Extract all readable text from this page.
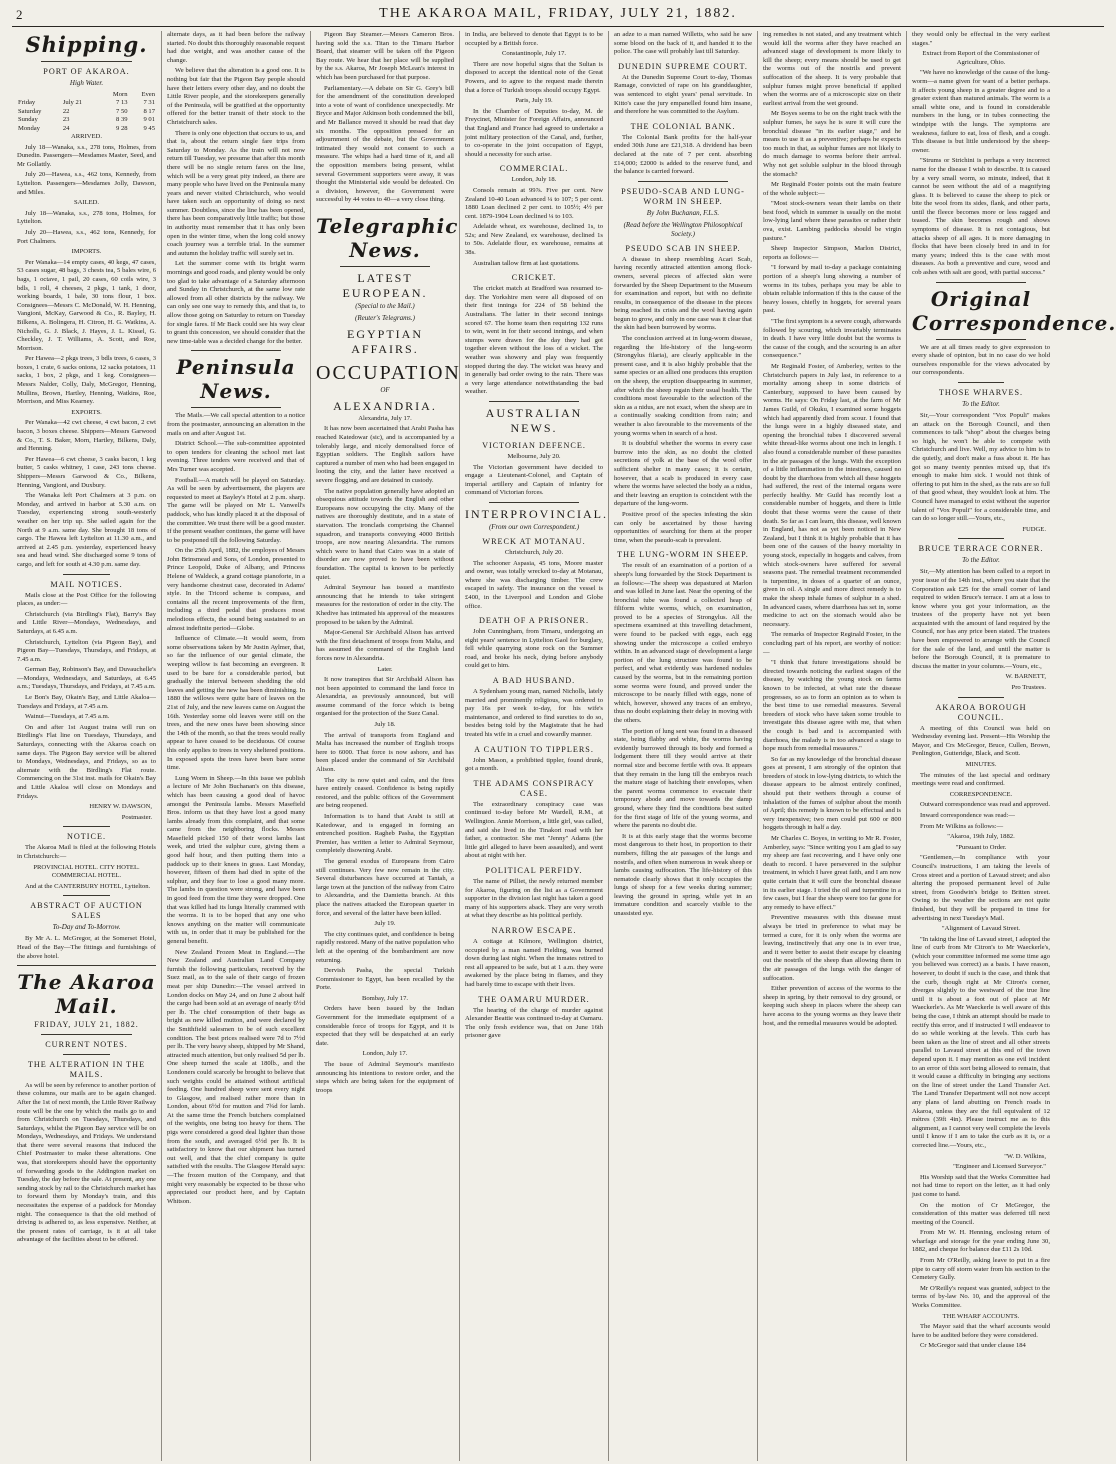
2	THE AKAROA MAIL, FRIDAY, JULY 21, 1882.
Shipping.
PORT OF AKAROA.
High Water.
		Morn	Even
Friday	July 21	7 13	7 31
Saturday	22	7 50	8 17
Sunday	23	8 39	9 01
Monday	24	9 28	9 45

ARRIVED.

July 18—Wanaka, s.s., 278 tons, Holmes, from Dunedin. Passengers—Mesdames Master, Seed, and Mr Gollattly.

July 20—Hawea, s.s., 462 tons, Kennedy, from Lyttelton. Passengers—Mesdames Jolly, Dawson, and Miles.

SAILED.

July 18—Wanaka, s.s., 278 tons, Holmes, for Lyttelton.

July 20—Hawea, s.s., 462 tons, Kennedy, for Port Chalmers.

IMPORTS.

Per Wanaka—14 empty cases, 40 kegs, 47 cases, 53 cases sugar, 48 bags, 3 chests tea, 5 bales wire, 6 bags, 1 octave, 1 pail, 20 cases, 60 coils wire, 3 bdls, 1 roll, 4 cheeses, 2 pkgs, 1 tank, 1 door, working boards, 1 bale, 30 tons flour, 1 box. Consignees—Messrs C. McDonald, W. H. Henning, Vangioni, McKay, Garwood & Co., R. Bayley, H. Bilkens, A. Bolingera, H. Citron, H. G. Watkins, A. Nicholls, G. J. Black, J. Hayes, J. L. Kissel, G. Checkley, J. T. Williams, A. Scott, and Roe, Morrison.

Per Hawea—2 pkgs trees, 3 bdls trees, 6 cases, 3 boxes, 1 crate, 6 sacks onions, 12 sacks potatoes, 11 sacks, 1 box, 2 pkgs, and 1 keg. Consignees—Messrs Nalder, Colly, Daly, McGregor, Henning, Mullins, Brown, Hartley, Henning, Watkins, Roe, Morrison, and Miss Kearney.

EXPORTS.

Per Wanaka—42 cwt cheese, 4 cwt bacon, 2 cwt bacon, 3 boxes cheese. Shippers—Messrs Garwood & Co., T. S. Baker, Morn, Hartley, Bilkens, Daly, and Henning.

Per Hawea—6 cwt cheese, 3 casks bacon, 1 keg butter, 5 casks whitney, 1 case, 243 tons cheese. Shippers—Messrs Garwood & Co., Bilkens, Henning, Vangioni, and Duxbury.

The Wanaka left Port Chalmers at 3 p.m. on Monday, and arrived in harbor at 5.30 a.m. on Tuesday, experiencing strong south-westerly weather on her trip up. She sailed again for the North at 9 a.m. same day. She brought 18 tons of cargo. The Hawea left Lyttelton at 11.30 a.m., and arrived at 2.45 p.m. yesterday, experienced heavy sea and head wind. She discharged some 9 tons of cargo, and left for south at 4.30 p.m. same day.

MAIL NOTICES.

Mails close at the Post Office for the following places, as under:—

Christchurch (via Birdling's Flat), Barry's Bay and Little River—Mondays, Wednesdays, and Saturdays, at 6.45 a.m.

Christchurch, Lyttelton (via Pigeon Bay), and Pigeon Bay—Tuesdays, Thursdays, and Fridays, at 7.45 a.m.

German Bay, Robinson's Bay, and Duvauchelle's—Mondays, Wednesdays, and Saturdays, at 6.45 a.m.; Tuesdays, Thursdays, and Fridays, at 7.45 a.m.

Le Bon's Bay, Okain's Bay, and Little Akaloa—Tuesdays and Fridays, at 7.45 a.m.

Wainui—Tuesdays, at 7.45 a.m.

On and after 1st August trains will run on Birdling's Flat line on Tuesdays, Thursdays, and Saturdays, connecting with the Akaroa coach on same days. The Pigeon Bay service will be altered to Mondays, Wednesdays, and Fridays, so as to alternate with the Birdling's Flat route. Commencing on the 31st inst. mails for Okain's Bay and Little Akaloa will close on Mondays and Fridays.

HENRY W. DAWSON,
Postmaster.
NOTICE.

The Akaroa Mail is filed at the following Hotels in Christchurch:—

PROVINCIAL HOTEL. CITY HOTEL. COMMERCIAL HOTEL.

And at the CANTERBURY HOTEL, Lyttelton.

ABSTRACT OF AUCTION SALES
To-Day and To-Morrow.

By Mr A. L. McGregor, at the Somerset Hotel, Head of the Bay—The fittings and furnishings of the above hotel.

The Akaroa Mail.
FRIDAY, JULY 21, 1882.
CURRENT NOTES.
THE ALTERATION IN THE MAILS.

As will be seen by reference to another portion of these columns, our mails are to be again changed. After the 1st of next month, the Little River Railway route will be the one by which the mails go to and from Christchurch on Tuesdays, Thursdays, and Saturdays, whilst the Pigeon Bay service will be on Mondays, Wednesdays, and Fridays. We understand that there were several reasons that induced the Chief Postmaster to make these alterations. One was, that storekeepers should have the opportunity of forwarding goods to the Addington market on Tuesday, the day before the sale. At present, any one sending stock by rail to the Christchurch market has to forward them by Monday's train, and this necessitates the expense of a paddock for Monday night. The consequence is that the old method of driving is adhered to, as less expensive. Neither, at the present rates of carriage, is it at all take advantage of the facilities about to be offered.

alternate days, as it had been before the railway started. No doubt this thoroughly reasonable request had due weight, and was another cause of the change.

We believe that the alteration is a good one. It is nothing but fair that the Pigeon Bay people should have their letters every other day, and no doubt the Little River people, and the storekeepers generally of the Peninsula, will be gratified at the opportunity offered for the better transit of their stock to the Christchurch sales.

There is only one objection that occurs to us, and that is, about the return single fare trips from Saturday to Monday. As the train will not now return till Tuesday, we presume that after this month there will be no single return fares on the line, which will be a very great pity indeed, as there are many people who have lived on the Peninsula many years and never visited Christchurch, who would have taken such an opportunity of doing so next summer. Doubtless, since the line has been opened, there has been comparatively little traffic; but those in authority must remember that it has only been open in the winter time, when the long cold snowy coach journey was a terrible trial. In the summer and autumn the holiday traffic will surely set in.

Let the summer come with its bright warm mornings and good roads, and plenty would be only too glad to take advantage of a Saturday afternoon and Sunday in Christchurch, at the same low rate allowed from all other districts by the railway. We can only see one way to remedy this, and that is, to allow those going on Saturday to return on Tuesday for single fares. If Mr Back could see his way clear to grant this concession, we should consider that the new time-table was a decided change for the better.

Peninsula News.

The Mails.—We call special attention to a notice from the postmaster, announcing an alteration in the mails on and after August 1st.

District School.—The sub-committee appointed to open tenders for cleaning the school met last evening. Three tenders were received and that of Mrs Turner was accepted.

Football.—A match will be played on Saturday. As will be seen by advertisement, the players are requested to meet at Bayley's Hotel at 2 p.m. sharp. The game will be played on Mr L. Vanwell's paddock, who has kindly placed it at the disposal of the committee. We trust there will be a good muster. If the present weather continues, the game will have to be postponed till the following Saturday.

On the 25th April, 1882, the employes of Messrs John Brinsmead and Sons, of London, presented to Prince Leopold, Duke of Albany, and Princess Helene of Waldeck, a grand cottage pianoforte, in a very handsome chestnut case, decorated in Adams' style. In the Tricord scheme is compass, and contains all the recent improvements of the firm, including a third pedal that produces most melodious effects, the sound being sustained to an almost indefinite period—Globe.

Influence of Climate.—It would seem, from some observations taken by Mr Justin Aylmer, that, so far the influence of our genial climate, the weeping willow is fast becoming an evergreen. It used to be bare for a considerable period, but gradually the interval between shedding the old leaves and getting the new has been diminishing. In 1880 the willows were quite bare of leaves on the 21st of July, and the new leaves came on August the 16th. Yesterday some old leaves were still on the trees, and the new ones have been showing since the 14th of the month, so that the trees would really appear to have ceased to be deciduous. Of course this only applies to trees in very sheltered positions. In exposed spots the trees have been bare some time.

Lung Worm in Sheep.—In this issue we publish a lecture of Mr John Buchanan's on this disease, which has been causing a good deal of havoc amongst the Peninsula lambs. Messrs Masefield Bros. inform us that they have lost a good many lambs already from this complaint, and that some came from the neighboring flocks. Messrs Masefield picked 150 of their worst lambs last week, and tried the sulphur cure, giving them a good half hour, and then putting them into a paddock up to their knees in grass. Last Monday, however, fifteen of them had died in spite of the sulphur, and they fear to lose a good many more. The lambs in question were strong, and have been in good feed from the time they were dropped. One that was killed had its lungs literally crammed with the worms. It is to be hoped that any one who knows anything on the matter will communicate with us, in order that it may be published for the general benefit.

New Zealand Frozen Meat in England.—The New Zealand and Australian Land Company furnish the following particulars, received by the Suez mail, as to the sale of their cargo of frozen meat per ship Dunedin:—The vessel arrived in London docks on May 24, and on June 2 about half the cargo had been sold at an average of nearly 6½d per lb. The chief consumption of their bags as bright as new killed mutton, and were declared by the Smithfield salesmen to be of such excellent condition. The best prices realised were 7d to 7½d per lb. The very heavy sheep, shipped by Mr Shand, attracted much attention, but only realised 5d per lb. One sheep turned the scale at 180lb., and the Londoners could scarcely be brought to believe that such weights could be attained without artificial feeding. One hundred sheep were sent every night to Glasgow, and realised rather more than in London, about 6½d for mutton and 7¾d for lamb. At the same time the French butchers complained of the weights, one being too heavy for them. The pigs were considered a good deal lighter than those from the south, and averaged 6½d per lb. It is satisfactory to know that our shipment has turned out well, and that the chief company is quite satisfied with the results. The Glasgow Herald says:—The frozen mutton of the Company, and that might very reasonably be expected to be those who appreciated our product here, and by Captain Whitson.

Pigeon Bay Steamer.—Messrs Cameron Bros. having sold the s.s. Titan to the Timaru Harbor Board, that steamer will be taken off the Pigeon Bay route. We hear that her place will be supplied by the s.s. Akaroa, Mr Joseph McLean's interest in which has been purchased for that purpose.

Parliamentary.—A debate on Sir G. Grey's bill for the amendment of the constitution developed into a vote of want of confidence unexpectedly. Mr Bryce and Major Atkinson both condemned the bill, and Mr Ballance moved it should be read that day six months. The opposition pressed for an adjournment of the debate, but the Government intimated they would not consent to such a measure. The whips had a hard time of it, and all the opposition members being present, whilst several Government supporters were away, it was thought the Ministerial side would be defeated. On a division, however, the Government were successful by 44 votes to 40—a very close thing.

Telegraphic News.
LATEST EUROPEAN.
(Special to the Mail.)
(Reuter's Telegrams.)
EGYPTIAN AFFAIRS.
OCCUPATION
OF
ALEXANDRIA.

Alexandria, July 17.

It has now been ascertained that Arabi Pasha has reached Katedowar (sic), and is accompanied by a tolerably large, and nicely demoralised force of Egyptian soldiers. The English sailors have captured a number of men who had been engaged in looting the city, and the latter have received a severe flogging, and are detained in custody.

The native population generally have adopted an obsequious attitude towards the English and other Europeans now occupying the city. Many of the natives are thoroughly destitute, and in a state of starvation. The ironclads comprising the Channel squadron, and transports conveying 4000 British troops, are now nearing Alexandria. The rumors which were to hand that Cairo was in a state of disorder are now proved to have been without foundation. The capital is known to be perfectly quiet.

Admiral Seymour has issued a manifesto announcing that he intends to take stringent measures for the restoration of order in the city. The Khedive has intimated his approval of the measures proposed to be taken by the Admiral.

Major-General Sir Archibald Alison has arrived with the first detachment of troops from Malta, and has assumed the command of the English land forces now in Alexandria.

Later.

It now transpires that Sir Archibald Alison has not been appointed to command the land force in Alexandria, as previously announced, but will assume command of the force which is being organised for the protection of the Suez Canal.

July 18.

The arrival of transports from England and Malta has increased the number of English troops here to 6000. That force is now ashore, and has been placed under the command of Sir Archibald Alison.

The city is now quiet and calm, and the fires have entirely ceased. Confidence is being rapidly restored, and the public offices of the Government are being reopened.

Information is to hand that Arabi is still at Katedowar, and is engaged in forming an entrenched position. Ragheb Pasha, the Egyptian Premier, has written a letter to Admiral Seymour, completely disowning Arabi.

The general exodus of Europeans from Cairo still continues. Very few now remain in the city. Several disturbances have occurred at Tantah, a large town at the junction of the railway from Cairo to Alexandria, and the Damietta branch. At this place the natives attacked the European quarter in force, and several of the latter have been killed.

July 19.

The city continues quiet, and confidence is being rapidly restored. Many of the native population who left at the opening of the bombardment are now returning.

Dervish Pasha, the special Turkish Commissioner to Egypt, has been recalled by the Porte.

Bombay, July 17.

Orders have been issued by the Indian Government for the immediate equipment of a considerable force of troops for Egypt, and it is expected that they will be despatched at an early date.

London, July 17.

The issue of Admiral Seymour's manifesto announcing his intentions to restore order, and the steps which are being taken for the equipment of troops

in India, are believed to denote that Egypt is to be occupied by a British force.

Constantinople, July 17.

There are now hopeful signs that the Sultan is disposed to accept the identical note of the Great Powers, and to agree to the request made therein that a force of Turkish troops should occupy Egypt.

Paris, July 19.

In the Chamber of Deputies to-day, M. de Freycinet, Minister for Foreign Affairs, announced that England and France had agreed to undertake a joint military protection of the Canal, and, further, to co-operate in the joint occupation of Egypt, should a necessity for such arise.

COMMERCIAL.

London, July 18.

Consols remain at 99⅞. Five per cent. New Zealand 10-40 Loan advanced ¼ to 107; 5 per cent. 1880 Loan declined 2 per cent. to 105½; 4½ per cent. 1879-1904 Loan declined ¼ to 103.

Adelaide wheat, ex warehouse, declined 1s, to 52s; and New Zealand, ex warehouse, declined 1s to 50s. Adelaide flour, ex warehouse, remains at 38s.

Australian tallow firm at last quotations.

CRICKET.

The cricket match at Bradford was resumed to-day. The Yorkshire men were all disposed of on their first innings for 224 of 58 behind the Australians. The latter in their second innings scored 67. The home team then requiring 132 runs to win, went in for their second innings, and when stumps were drawn for the day they had got together eleven without the loss of a wicket. The weather was showery and play was frequently stopped during the day. The wicket was heavy and in generally bad order owing to the rain. There was a very large attendance notwithstanding the bad weather.

AUSTRALIAN NEWS.
VICTORIAN DEFENCE.

Melbourne, July 20.

The Victorian government have decided to engage a Lieutenant-Colonel, and Captain of imperial artillery and Captain of infantry for command of Victorian forces.

INTERPROVINCIAL.
(From our own Correspondent.)
WRECK AT MOTANAU.

Christchurch, July 20.

The schooner Aspasia, 45 tons, Moore master and owner, was totally wrecked to-day at Motanau, where she was discharging timber. The crew escaped in safety. The insurance on the vessel is £400, in the Liverpool and London and Globe office.

DEATH OF A PRISONER.

John Cunningham, from Timaru, undergoing an eight years' sentence in Lyttelton Gaol for burglary, fell while quarrying stone rock on the Summer road, and broke his neck, dying before anybody could get to him.

A BAD HUSBAND.

A Sydenham young man, named Nicholls, lately married and prominently religious, was ordered to pay 16s per week to-day, for his wife's maintenance, and ordered to find sureties to do so, besides being told by the Magistrate that he had treated his wife in a cruel and cowardly manner.

A CAUTION TO TIPPLERS.

John Mason, a prohibited tippler, found drunk, got a month.

THE ADAMS CONSPIRACY CASE.

The extraordinary conspiracy case was continued to-day before Mr Wardell, R.M., at Wellington. Annie Morrison, a little girl, was called, and said she lived in the Tinakori road with her father, a contractor. She met "Jenny" Adams (the little girl alleged to have been assaulted), and went about at night with her.

POLITICAL PERFIDY.

The name of Pilliet, the newly returned member for Akaroa, figuring on the list as a Government supporter in the division last night has taken a good many of his supporters aback. They are very wroth at what they describe as his political perfidy.

NARROW ESCAPE.

A cottage at Kilmore, Wellington district, occupied by a man named Fielding, was burned down during last night. When the inmates retired to rest all appeared to be safe, but at 1 a.m. they were awakened by the place being in flames, and they had barely time to escape with their lives.

THE OAMARU MURDER.

The hearing of the charge of murder against Alexander Beattie was continued to-day at Oamaru. The only fresh evidence was, that on June 16th prisoner gave

an adze to a man named Willetts, who said he saw some blood on the back of it, and handed it to the police. The case will probably last till Saturday.

DUNEDIN SUPREME COURT.

At the Dunedin Supreme Court to-day, Thomas Ramage, convicted of rape on his granddaughter, was sentenced to eight years' penal servitude. In Kitto's case the jury empanelled found him insane, and therefore he was committed to the Asylum.

THE COLONIAL BANK.

The Colonial Bank profits for the half-year ended 30th June are £21,318. A dividend has been declared at the rate of 7 per cent. absorbing £14,000; £2000 is added to the reserve fund, and the balance is carried forward.

PSEUDO-SCAB AND LUNG-WORM IN SHEEP.
By John Buchanan, F.L.S.
(Read before the Wellington Philosophical Society.)
PSEUDO SCAB IN SHEEP.

A disease in sheep resembling Acari Scab, having recently attracted attention among flock-owners, several pieces of affected skin were forwarded by the Sheep Department to the Museum for examination and report, but with no definite results, in consequence of the disease in the pieces being reached its crisis and the wool having again begun to grow, and only in one case was it clear that the skin had been burrowed by worms.

The conclusion arrived at in lung-worm disease, regarding the life-history of the lung-worm (Strongylus filaria), are clearly applicable in the present case, and it is also highly probable that the same species or an allied one produces this eruption on the sheep, the eruption disappearing in summer, after which the sheep regain their usual health. The conditions most favourable to the selection of the skin as a nidus, are not exact, when the sheep are in a continually soaking condition from rain; and weather is also favourable to the movements of the young worms when in search of a host.

It is doubtful whether the worms in every case burrow into the skin, as no doubt the clotted secretions of yolk at the base of the wool offer sufficient shelter in many cases; it is certain, however, that a scab is produced in every case where the worms have selected the body as a nidus, and their leaving an eruption is coincident with the departure of the lung-worm.

Positive proof of the species infesting the skin can only be ascertained by those having opportunities of searching for them at the proper time, when the pseudo-scab is prevalent.

THE LUNG-WORM IN SHEEP.

The result of an examination of a portion of a sheep's lung forwarded by the Stock Department is as follows:—The sheep was depastured at Marlon and was killed in June last. Near the opening of the bronchial tube was found a collected heap of filiform white worms, which, on examination, proved to be a species of Strongylus. All the specimens examined at this travelling detachment, were found to be packed with eggs, each egg showing under the microscope a coiled embryo within. In an advanced stage of development a large portion of the lung structure was found to be perfect, and what evidently was hardened nodules caused by the worms, but in the remaining portion some worms were found, and proved under the microscope to be nearly filled with eggs, none of which, however, showed any traces of an embryo, thus no doubt explaining their delay in moving with the others.

The portion of lung sent was found in a diseased state, being flabby and white, the worms having evidently burrowed through its body and formed a lodgement there till they would arrive at their normal size and become fertile with ova. It appears that they remain in the lung till the embryos reach the mature stage of hatching their envelopes, when the parent worms commence to evacuate their temporary abode and move towards the damp ground, where they find the conditions best suited for the first stage of life of the young worms, and where the parents no doubt die.

It is at this early stage that the worms become most dangerous to their host, in proportion to their numbers, filling the air passages of the lungs and nostrils, and often when numerous in weak sheep or lambs causing suffocation. The life-history of this nematode clearly shows that it only occupies the lungs of sheep for a few weeks during summer; leaving the ground in spring, while yet in an immature condition and scarcely visible to the unassisted eye.

ing remedies is not stated, and any treatment which would kill the worms after they have reached an advanced stage of development is more likely to kill the sheep; every means should be used to get the worms out of the nostrils and prevent suffocation of the sheep. It is very probable that sulphur fumes might prove beneficial if applied when the worms are of a microscopic size on their earliest arrival from the wet ground.

Mr Boyes seems to be on the right track with the sulphur fumes, he says he is sure it will cure the bronchial disease "in its earlier stage," and he means to use it as a preventive; perhaps he expects too much in that, as sulphur fumes are not likely to do much damage to worms before their arrival. Why not get soluble sulphur in the blood through the stomach?

Mr Reginald Foster points out the main feature of the whole subject:—

"Most stock-owners wean their lambs on their best food, which in summer is usually on the moist low-lying land where these parasites or rather their ova, exist. Lambing paddocks should be virgin pasture."

Sheep Inspector Simpson, Marlon District, reports as follows:—

"I forward by mail to-day a package containing portion of a sheep's lung showing a number of worms in its tubes, perhaps you may be able to obtain reliable information if this is the cause of the heavy losses, chiefly in hoggets, for several years past.

"The first symptom is a severe cough, afterwards followed by scouring, which invariably terminates in death. I have very little doubt but the worms is the cause of the cough, and the scouring is an after consequence."

Mr Reginald Foster, of Amberley, writes to the Christchurch papers in July last, in reference to a mortality among sheep in some districts of Canterbury, supposed to have been caused by worms. He says: On Friday last, at the farm of Mr James Guild, of Okuku, I examined some hoggets which had apparently died from scour. I found that the lungs were in a highly diseased state, and opening the bronchial tubes I discovered several white thread-like worms about one inch in length. I also found a considerable number of these parasites in the air passages of the lungs. With the exception of a little inflammation in the intestines, caused no doubt by the diarrhoea from which all these hoggets had suffered, the rest of the internal organs were perfectly healthy. Mr Guild has recently lost a considerable number of hoggets, and there is little doubt that these worms were the cause of their death. So far as I can learn, this disease, well known in England, has not as yet been noticed in New Zealand, but I think it is highly probable that it has been one of the causes of the heavy mortality in young stock, especially in hoggets and calves, from which stock-owners have suffered for several seasons past. The remedial treatment recommended is turpentine, in doses of a quarter of an ounce, given in oil. A single and more direct remedy is to make the sheep inhale fumes of sulphur in a shed. In advanced cases, where diarrhoea has set in, some medicine to act on the stomach would also be necessary.

The remarks of Inspector Reginald Foster, in the concluding part of his report, are worthy of notice:—

"I think that future investigations should be directed towards noticing the earliest stages of the disease, by watching the young stock on farms known to be infected, at what rate the disease progresses, so as to form an opinion as to when is the best time to use remedial measures. Several breeders of stock who have taken some trouble to investigate this disease agree with me, that when the cough is bad and is accompanied with diarrhoea, the malady is in too advanced a stage to hope much from remedial measures."

So far as my knowledge of the bronchial disease goes at present, I am strongly of the opinion that breeders of stock in low-lying districts, to which the disease appears to be almost entirely confined, should put their wethers through a course of inhalation of the fumes of sulphur about the month of April; this remedy is known to be effectual and is very inexpensive; two men could put 600 or 800 hoggets through in half a day.

Mr Charles C. Boyes, in writing to Mr R. Foster, Amberley, says: "Since writing you I am glad to say my sheep are fast recovering, and I have only one death to record. I have persevered in the sulphur treatment, in which I have great faith, and I am now quite certain that it will cure the bronchial disease in its earlier stage. I tried the oil and turpentine in a few cases, but I fear the sheep were too far gone for any remedy to have effect."

Preventive measures with this disease must always be tried in preference to what may be termed a cure, for it is only when the worms are leaving, instinctively that any one is in ever true, and it were better to assist their escape by cleaning out the nostrils of the sheep than allowing them in the air passages of the lungs with the danger of suffocation.

Either prevention of access of the worms to the sheep in spring, by their removal to dry ground, or keeping such sheep in places where the sheep can have access to the young worms as they leave their host, and the remedial measures would be adopted.

they would only be effectual in the very earliest stages."

Extract from Report of the Commissioner of Agriculture, Ohio.

"We have no knowledge of the cause of the lung-worm—a name given for want of a better perhaps. It affects young sheep in a greater degree and to a greater extent than matured animals. The worm is a small white one, and is found in considerable numbers in the lung, or in tubes connecting the windpipe with the lungs. The symptoms are weakness, failure to eat, loss of flesh, and a cough. This disease is but little understood by the sheep-owner.

"Strums or Strichini is perhaps a very incorrect name for the disease I wish to describe. It is caused by a very small worm, so minute, indeed, that it cannot be seen without the aid of a magnifying glass. It is believed to cause the sheep to pick or bite the wool from its sides, flank, and other parts, until the fleece becomes more or less ragged and teased. The skin becomes rough and shows symptoms of disease. It is not contagious, but attacks sheep of all ages. It is more damaging in flocks that have been closely bred in and in for many years; indeed this is the case with most diseases. As both a preventive and cure, wood and cob ashes with salt are good, with partial success."

Original Correspondence.

We are at all times ready to give expression to every shade of opinion, but in no case do we hold ourselves responsible for the views advocated by our correspondents.

THOSE WHARVES.
To the Editor.

Sir,—Your correspondent "Vox Populi" makes an attack on the Borough Council, and then commences to talk "shop" about the charges being so high, he won't be able to compete with Christchurch and live. Well, my advice to him is to die quietly, and don't make a fuss about it. He has got so many twenty pennies mixed up, that it's enough to make him sick. I would not think of offering to put him in the shed, as the rats are so full of that good wheat, they wouldn't look at him. The Council have managed to exist without the superior talent of "Vox Populi" for a considerable time, and can do so longer still.—Yours, etc.,

FUDGE.
BRUCE TERRACE CORNER.
To the Editor.

Sir,—My attention has been called to a report in your issue of the 14th inst., where you state that the Corporation ask £25 for the small corner of land required to widen Bruce's terrace. I am at a loss to know where you got your information, as the trustees of the property have not yet been acquainted with the amount of land required by the Council, nor has any price been stated. The trustees have been empowered to arrange with the Council for the sale of the land, and until the matter is before the Borough Council, it is premature to discuss the matter in your columns.—Yours, etc.,

W. BARNETT,
Pro Trustees.
AKAROA BOROUGH COUNCIL.

A meeting of this Council was held on Wednesday evening last. Present—His Worship the Mayor, and Crs McGregor, Bruce, Cullen, Brown, Penlington, Gutteridge, Black, and Scott.

MINUTES.

The minutes of the last special and ordinary meetings were read and confirmed.

CORRESPONDENCE.

Outward correspondence was read and approved.

Inward correspondence was read:—

From Mr Wilkins as follows:—

"Akaroa, 19th July, 1882.

"Pursuant to Order.

"Gentlemen,—In compliance with your Council's instructions, I am taking the levels of Cross street and a portion of Lavaud street; and also altering the proposed permanent level of Julie street, from Goodwin's bridge to Britten street. Owing to the weather the sections are not quite finished, but they will be prepared in time for advertising in next Tuesday's Mail.

"Alignment of Lavaud Street.

"In taking the line of Lavaud street, I adopted the line of curb from Mr Citron's to Mr Waeckerle's, (which your committee informed me some time ago you believed was correct) as a basis. I have reason, however, to doubt if such is the case, and think that the curb, though right at Mr Citron's corner, diverges slightly to the westward of the true line until it is about a foot out of place at Mr Waeckerle's. As Mr Waeckerle is well aware of this being the case, I think an attempt should be made to rectify this error, and if instructed I will endeavor to do so while working at the levels. This curb has been taken as the line of street and all other streets parallel to Lavaud street at this end of the town depend upon it. I may mention as one evil incident to an error of this sort being allowed to remain, that it would cause a difficulty in bringing any sections on the line of street under the Land Transfer Act. The Land Transfer Department will not now accept any plans of land abutting on French roads in Akaroa, unless they are the full equivalent of 12 mètres (39ft 4in). Please instruct me as to this alignment, as I cannot very well complete the levels until I know if I am to take the curb as it is, or a corrected line.—Yours, etc.,

"W. D. Wilkins,
"Engineer and Licensed Surveyor."

His Worship said that the Works Committee had not had time to report on the letter, as it had only just come to hand.

On the motion of Cr McGregor, the consideration of this matter was deferred till next meeting of the Council.

From Mr W. H. Henning, enclosing return of wharfage and storage for the year ending June 30, 1882, and cheque for balance due £11 2s 10d.

From Mr O'Reilly, asking leave to put in a fire pipe to carry off storm water from his section to the Cemetery Gully.

Mr O'Reilly's request was granted, subject to the terms of by-law No. 10, and the approval of the Works Committee.

THE WHARF ACCOUNTS.

The Mayor said that the wharf accounts would have to be audited before they were considered.

Cr McGregor said that under clause 184
